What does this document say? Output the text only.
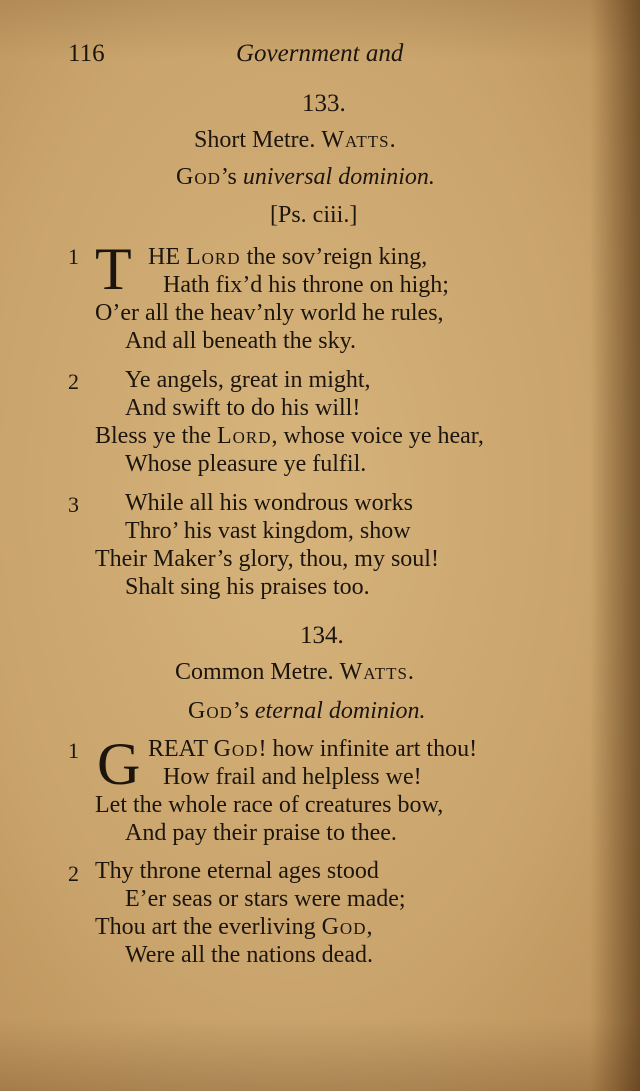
116	Government and
133.
Short Metre. Watts.
God’s universal dominion.
[Ps. ciii.]
1 T HE Lord the sov’reign king,
Hath fix’d his throne on high;
O’er all the heav’nly world he rules,
And all beneath the sky.
2 Ye angels, great in might,
And swift to do his will!
Bless ye the Lord, whose voice ye hear,
Whose pleasure ye fulfil.
3 While all his wondrous works
Thro’ his vast kingdom, show
Their Maker’s glory, thou, my soul!
Shalt sing his praises too.
134.
Common Metre. Watts.
God’s eternal dominion.
1 G REAT God! how infinite art thou!
How frail and helpless we!
Let the whole race of creatures bow,
And pay their praise to thee.
2 Thy throne eternal ages stood
E’er seas or stars were made;
Thou art the everliving God,
Were all the nations dead.
